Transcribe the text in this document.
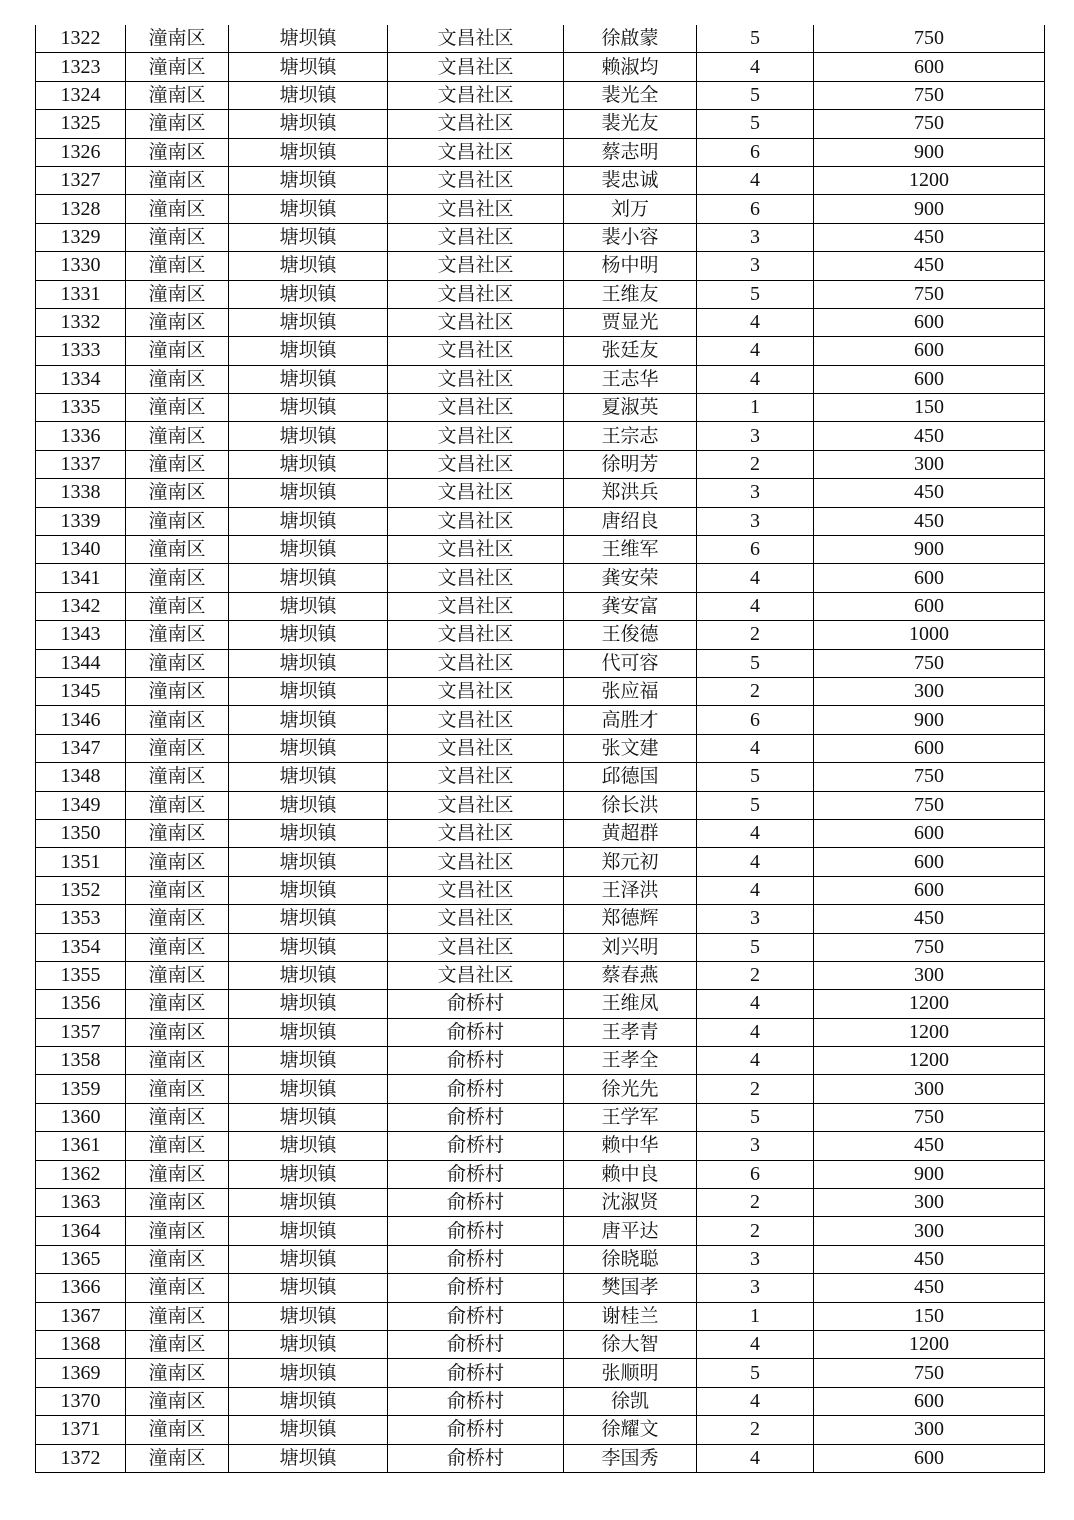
1322	潼南区	塘坝镇	文昌社区	徐啟蒙	5	750
1323	潼南区	塘坝镇	文昌社区	赖淑均	4	600
1324	潼南区	塘坝镇	文昌社区	裴光全	5	750
1325	潼南区	塘坝镇	文昌社区	裴光友	5	750
1326	潼南区	塘坝镇	文昌社区	蔡志明	6	900
1327	潼南区	塘坝镇	文昌社区	裴忠诚	4	1200
1328	潼南区	塘坝镇	文昌社区	刘万	6	900
1329	潼南区	塘坝镇	文昌社区	裴小容	3	450
1330	潼南区	塘坝镇	文昌社区	杨中明	3	450
1331	潼南区	塘坝镇	文昌社区	王维友	5	750
1332	潼南区	塘坝镇	文昌社区	贾显光	4	600
1333	潼南区	塘坝镇	文昌社区	张廷友	4	600
1334	潼南区	塘坝镇	文昌社区	王志华	4	600
1335	潼南区	塘坝镇	文昌社区	夏淑英	1	150
1336	潼南区	塘坝镇	文昌社区	王宗志	3	450
1337	潼南区	塘坝镇	文昌社区	徐明芳	2	300
1338	潼南区	塘坝镇	文昌社区	郑洪兵	3	450
1339	潼南区	塘坝镇	文昌社区	唐绍良	3	450
1340	潼南区	塘坝镇	文昌社区	王维军	6	900
1341	潼南区	塘坝镇	文昌社区	龚安荣	4	600
1342	潼南区	塘坝镇	文昌社区	龚安富	4	600
1343	潼南区	塘坝镇	文昌社区	王俊德	2	1000
1344	潼南区	塘坝镇	文昌社区	代可容	5	750
1345	潼南区	塘坝镇	文昌社区	张应福	2	300
1346	潼南区	塘坝镇	文昌社区	高胜才	6	900
1347	潼南区	塘坝镇	文昌社区	张文建	4	600
1348	潼南区	塘坝镇	文昌社区	邱德国	5	750
1349	潼南区	塘坝镇	文昌社区	徐长洪	5	750
1350	潼南区	塘坝镇	文昌社区	黄超群	4	600
1351	潼南区	塘坝镇	文昌社区	郑元初	4	600
1352	潼南区	塘坝镇	文昌社区	王泽洪	4	600
1353	潼南区	塘坝镇	文昌社区	郑德辉	3	450
1354	潼南区	塘坝镇	文昌社区	刘兴明	5	750
1355	潼南区	塘坝镇	文昌社区	蔡春燕	2	300
1356	潼南区	塘坝镇	俞桥村	王维凤	4	1200
1357	潼南区	塘坝镇	俞桥村	王孝青	4	1200
1358	潼南区	塘坝镇	俞桥村	王孝全	4	1200
1359	潼南区	塘坝镇	俞桥村	徐光先	2	300
1360	潼南区	塘坝镇	俞桥村	王学军	5	750
1361	潼南区	塘坝镇	俞桥村	赖中华	3	450
1362	潼南区	塘坝镇	俞桥村	赖中良	6	900
1363	潼南区	塘坝镇	俞桥村	沈淑贤	2	300
1364	潼南区	塘坝镇	俞桥村	唐平达	2	300
1365	潼南区	塘坝镇	俞桥村	徐晓聪	3	450
1366	潼南区	塘坝镇	俞桥村	樊国孝	3	450
1367	潼南区	塘坝镇	俞桥村	谢桂兰	1	150
1368	潼南区	塘坝镇	俞桥村	徐大智	4	1200
1369	潼南区	塘坝镇	俞桥村	张顺明	5	750
1370	潼南区	塘坝镇	俞桥村	徐凯	4	600
1371	潼南区	塘坝镇	俞桥村	徐耀文	2	300
1372	潼南区	塘坝镇	俞桥村	李国秀	4	600
